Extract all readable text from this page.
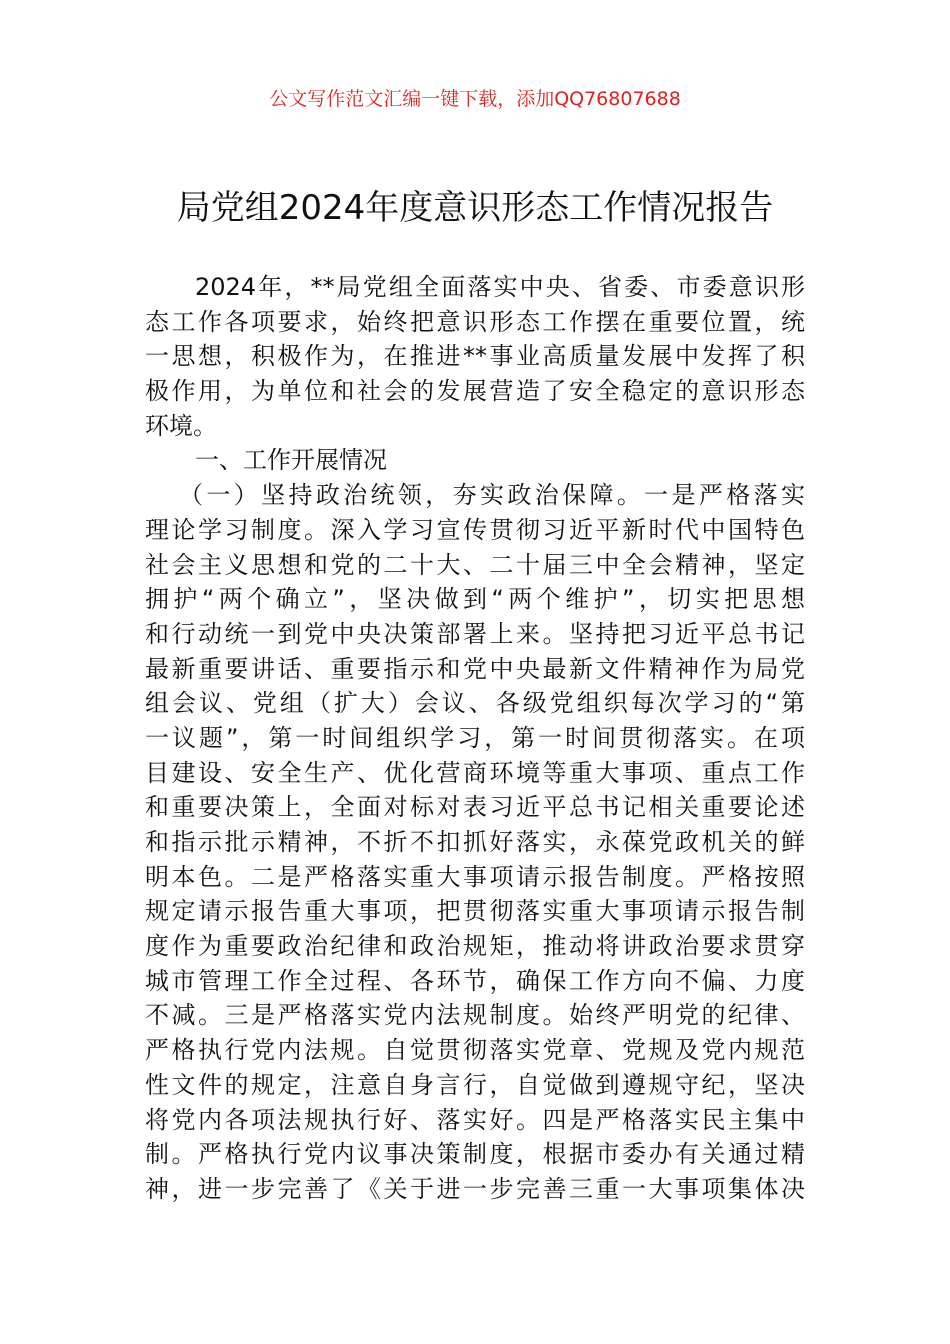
公文写作范文汇编一键下载，添加QQ76807688
局党组2024年度意识形态工作情况报告
2024年，**局党组全面落实中央、省委、市委意识形
态工作各项要求，始终把意识形态工作摆在重要位置，统
一思想，积极作为，在推进**事业高质量发展中发挥了积
极作用，为单位和社会的发展营造了安全稳定的意识形态
环境。
一、工作开展情况
（一）坚持政治统领，夯实政治保障。一是严格落实
理论学习制度。深入学习宣传贯彻习近平新时代中国特色
社会主义思想和党的二十大、二十届三中全会精神，坚定
拥护“两个确立”，坚决做到“两个维护”，切实把思想
和行动统一到党中央决策部署上来。坚持把习近平总书记
最新重要讲话、重要指示和党中央最新文件精神作为局党
组会议、党组（扩大）会议、各级党组织每次学习的“第
一议题”，第一时间组织学习，第一时间贯彻落实。在项
目建设、安全生产、优化营商环境等重大事项、重点工作
和重要决策上，全面对标对表习近平总书记相关重要论述
和指示批示精神，不折不扣抓好落实，永葆党政机关的鲜
明本色。二是严格落实重大事项请示报告制度。严格按照
规定请示报告重大事项，把贯彻落实重大事项请示报告制
度作为重要政治纪律和政治规矩，推动将讲政治要求贯穿
城市管理工作全过程、各环节，确保工作方向不偏、力度
不减。三是严格落实党内法规制度。始终严明党的纪律、
严格执行党内法规。自觉贯彻落实党章、党规及党内规范
性文件的规定，注意自身言行，自觉做到遵规守纪，坚决
将党内各项法规执行好、落实好。四是严格落实民主集中
制。严格执行党内议事决策制度，根据市委办有关通过精
神，进一步完善了《关于进一步完善三重一大事项集体决
